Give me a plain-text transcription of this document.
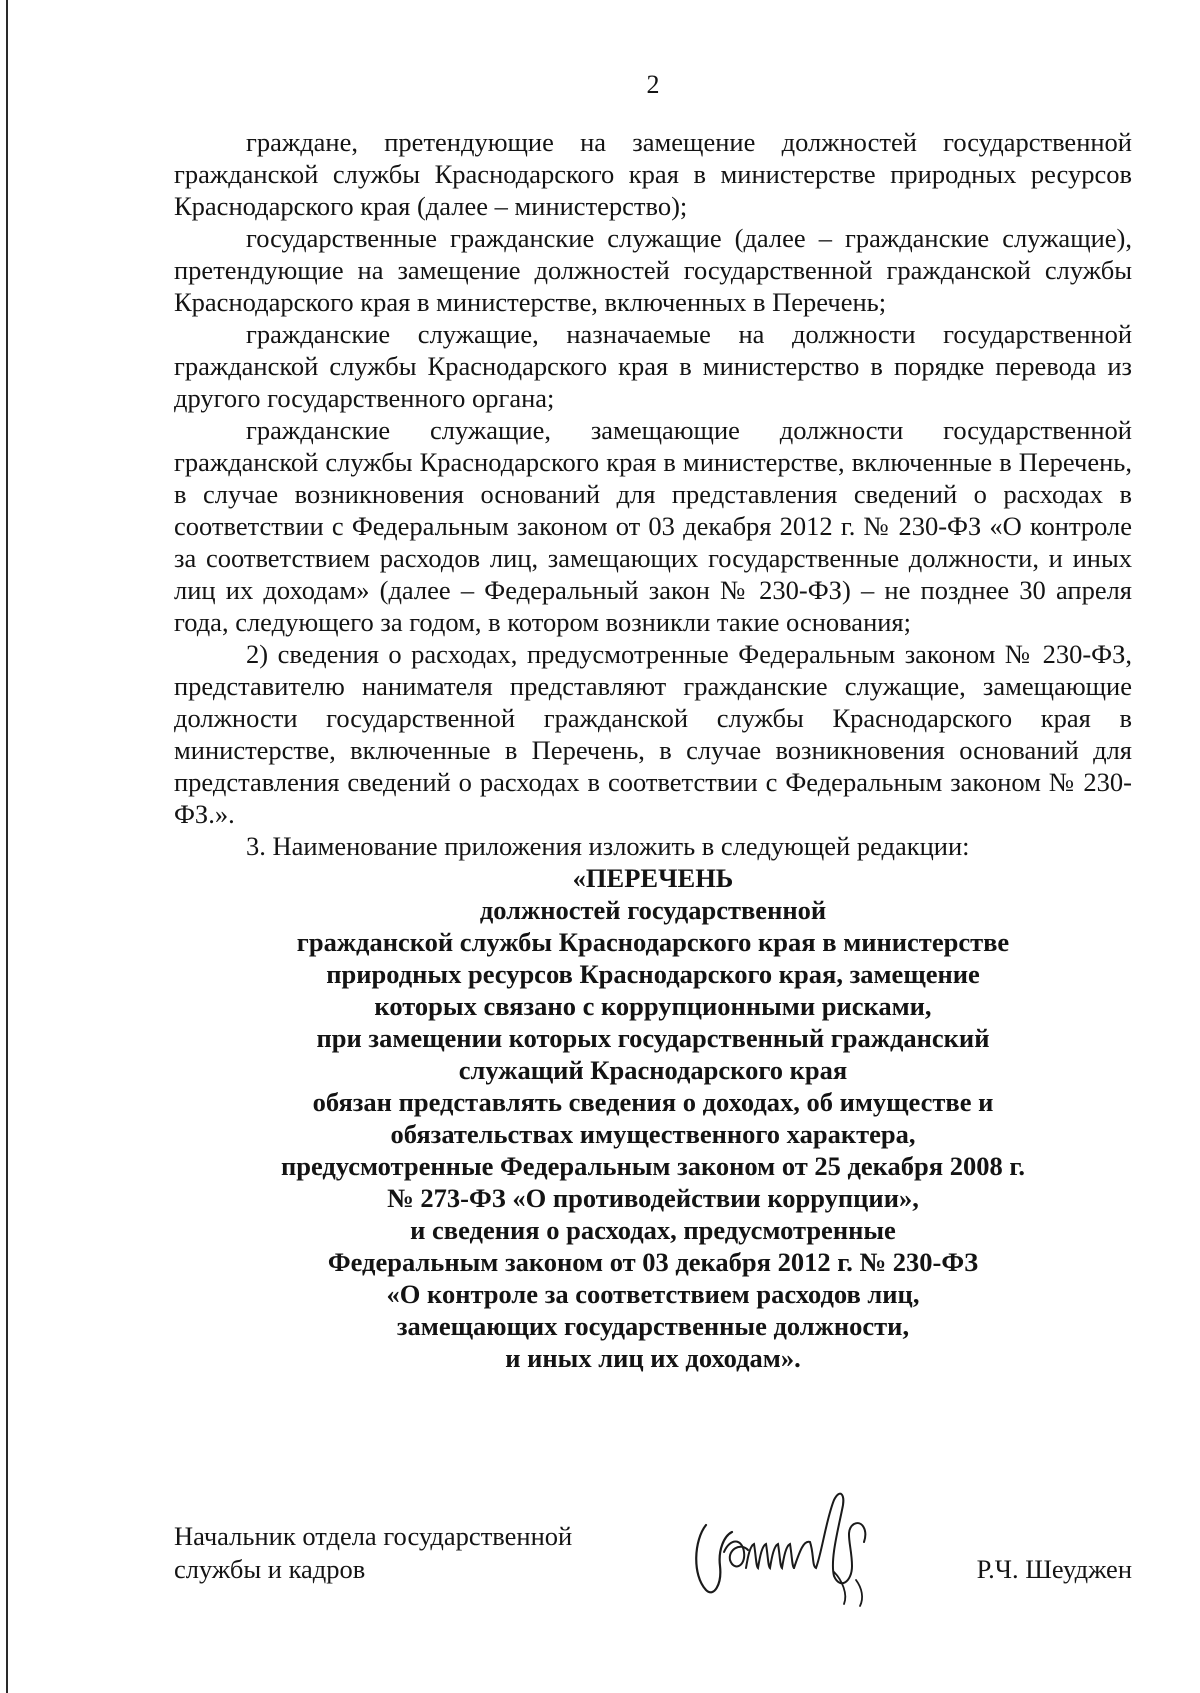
2

граждане, претендующие на замещение должностей государственной гражданской службы Краснодарского края в министерстве природных ресурсов Краснодарского края (далее – министерство);

государственные гражданские служащие (далее – гражданские служащие), претендующие на замещение должностей государственной гражданской службы Краснодарского края в министерстве, включенных в Перечень;

гражданские служащие, назначаемые на должности государственной гражданской службы Краснодарского края в министерство в порядке перевода из другого государственного органа;

гражданские служащие, замещающие должности государственной гражданской службы Краснодарского края в министерстве, включенные в Перечень, в случае возникновения оснований для представления сведений о расходах в соответствии с Федеральным законом от 03 декабря 2012 г. № 230-ФЗ «О контроле за соответствием расходов лиц, замещающих государственные должности, и иных лиц их доходам» (далее – Федеральный закон № 230-ФЗ) – не позднее 30 апреля года, следующего за годом, в котором возникли такие основания;

2) сведения о расходах, предусмотренные Федеральным законом № 230-ФЗ, представителю нанимателя представляют гражданские служащие, замещающие должности государственной гражданской службы Краснодарского края в министерстве, включенные в Перечень, в случае возникновения оснований для представления сведений о расходах в соответствии с Федеральным законом № 230-ФЗ.».

3. Наименование приложения изложить в следующей редакции:

«ПЕРЕЧЕНЬ
должностей государственной
гражданской службы Краснодарского края в министерстве
природных ресурсов Краснодарского края, замещение
которых связано с коррупционными рисками,
при замещении которых государственный гражданский
служащий Краснодарского края
обязан представлять сведения о доходах, об имуществе и
обязательствах имущественного характера,
предусмотренные Федеральным законом от 25 декабря 2008 г.
№ 273-ФЗ «О противодействии коррупции»,
и сведения о расходах, предусмотренные
Федеральным законом от 03 декабря 2012 г. № 230-ФЗ
«О контроле за соответствием расходов лиц,
замещающих государственные должности,
и иных лиц их доходам».
Начальник отдела государственной
службы и кадров	Р.Ч. Шеуджен
